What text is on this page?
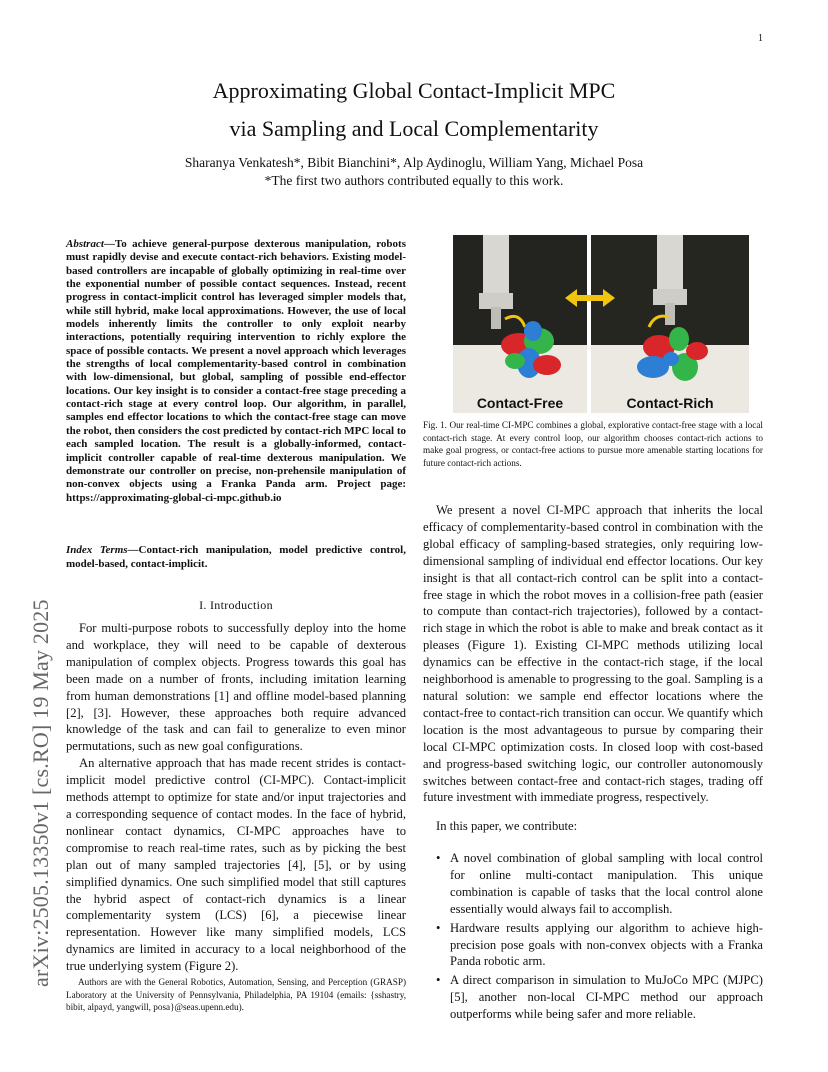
1
Approximating Global Contact-Implicit MPC
via Sampling and Local Complementarity
Sharanya Venkatesh*, Bibit Bianchini*, Alp Aydinoglu, William Yang, Michael Posa
*The first two authors contributed equally to this work.
arXiv:2505.13350v1 [cs.RO] 19 May 2025
Abstract—To achieve general-purpose dexterous manipulation, robots must rapidly devise and execute contact-rich behaviors. Existing model-based controllers are incapable of globally optimizing in real-time over the exponential number of possible contact sequences. Instead, recent progress in contact-implicit control has leveraged simpler models that, while still hybrid, make local approximations. However, the use of local models inherently limits the controller to only exploit nearby interactions, potentially requiring intervention to richly explore the space of possible contacts. We present a novel approach which leverages the strengths of local complementarity-based control in combination with low-dimensional, but global, sampling of possible end-effector locations. Our key insight is to consider a contact-free stage preceding a contact-rich stage at every control loop. Our algorithm, in parallel, samples end effector locations to which the contact-free stage can move the robot, then considers the cost predicted by contact-rich MPC local to each sampled location. The result is a globally-informed, contact-implicit controller capable of real-time dexterous manipulation. We demonstrate our controller on precise, non-prehensile manipulation of non-convex objects using a Franka Panda arm. Project page: https://approximating-global-ci-mpc.github.io
Index Terms—Contact-rich manipulation, model predictive control, model-based, contact-implicit.
I. Introduction

For multi-purpose robots to successfully deploy into the home and workplace, they will need to be capable of dexterous manipulation of complex objects. Progress towards this goal has been made on a number of fronts, including imitation learning from human demonstrations [1] and offline model-based planning [2], [3]. However, these approaches both require advanced knowledge of the task and can fail to generalize to even minor permutations, such as new goal configurations.

An alternative approach that has made recent strides is contact-implicit model predictive control (CI-MPC). Contact-implicit methods attempt to optimize for state and/or input trajectories and a corresponding sequence of contact modes. In the face of hybrid, nonlinear contact dynamics, CI-MPC approaches have to compromise to reach real-time rates, such as by picking the best plan out of many sampled trajectories [4], [5], or by using simplified dynamics. One such simplified model that still captures the hybrid aspect of contact-rich dynamics is a linear complementarity system (LCS) [6], a piecewise linear representation. However like many simplified models, LCS dynamics are limited in accuracy to a local neighborhood of the true underlying system (Figure 2).

Authors are with the General Robotics, Automation, Sensing, and Perception (GRASP) Laboratory at the University of Pennsylvania, Philadelphia, PA 19104 (emails: {sshastry, bibit, alpayd, yangwill, posa}@seas.upenn.edu).
Contact-Free	Contact-Rich
Fig. 1. Our real-time CI-MPC combines a global, explorative contact-free stage with a local contact-rich stage. At every control loop, our algorithm chooses contact-rich actions to make goal progress, or contact-free actions to pursue more amenable starting locations for future contact-rich actions.

We present a novel CI-MPC approach that inherits the local efficacy of complementarity-based control in combination with the global efficacy of sampling-based strategies, only requiring low-dimensional sampling of individual end effector locations. Our key insight is that all contact-rich control can be split into a contact-free stage in which the robot moves in a collision-free path (easier to compute than contact-rich trajectories), followed by a contact-rich stage in which the robot is able to make and break contact as it pleases (Figure 1). Existing CI-MPC methods utilizing local dynamics can be effective in the contact-rich stage, if the local neighborhood is amenable to progressing to the goal. Sampling is a natural solution: we sample end effector locations where the contact-free to contact-rich transition can occur. We quantify which location is the most advantageous to pursue by comparing their local CI-MPC optimization costs. In closed loop with cost-based and progress-based switching logic, our controller autonomously switches between contact-free and contact-rich stages, trading off future investment with immediate progress, respectively.

In this paper, we contribute:
• A novel combination of global sampling with local control for online multi-contact manipulation. This unique combination is capable of tasks that the local control alone essentially would always fail to accomplish.
• Hardware results applying our algorithm to achieve high-precision pose goals with non-convex objects with a Franka Panda robotic arm.
• A direct comparison in simulation to MuJoCo MPC (MJPC) [5], another non-local CI-MPC method our approach outperforms while being safer and more reliable.
